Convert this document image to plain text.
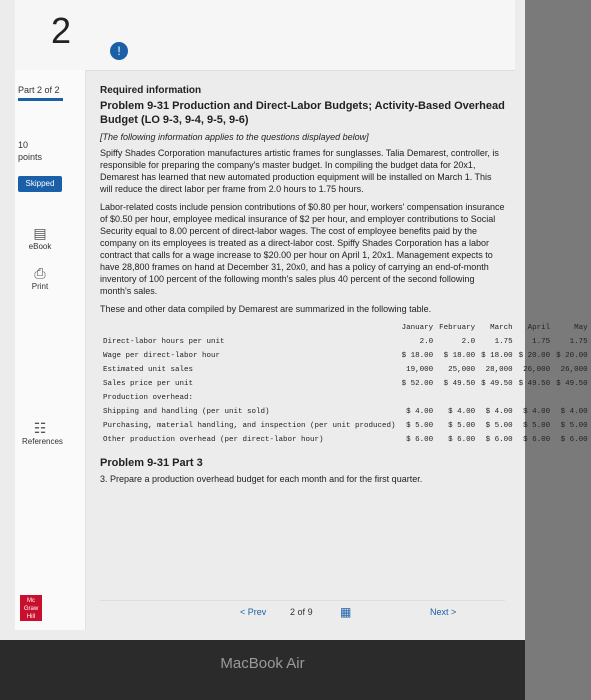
2	!
Part 2 of 2
10
points
Skipped
▤
eBook
⎙
Print
☷
References
Required information
Problem 9-31 Production and Direct-Labor Budgets; Activity-Based Overhead Budget (LO 9-3, 9-4, 9-5, 9-6)
[The following information applies to the questions displayed below]

Spiffy Shades Corporation manufactures artistic frames for sunglasses. Talia Demarest, controller, is responsible for preparing the company's master budget. In compiling the budget data for 20x1, Demarest has learned that new automated production equipment will be installed on March 1. This will reduce the direct labor per frame from 2.0 hours to 1.75 hours.

Labor-related costs include pension contributions of $0.80 per hour, workers' compensation insurance of $0.50 per hour, employee medical insurance of $2 per hour, and employer contributions to Social Security equal to 8.00 percent of direct-labor wages. The cost of employee benefits paid by the company on its employees is treated as a direct-labor cost. Spiffy Shades Corporation has a labor contract that calls for a wage increase to $20.00 per hour on April 1, 20x1. Management expects to have 28,800 frames on hand at December 31, 20x0, and has a policy of carrying an end-of-month inventory of 100 percent of the following month's sales plus 40 percent of the second following month's sales.

These and other data compiled by Demarest are summarized in the following table.

	January	February	March	April	May
Direct-labor hours per unit	2.0	2.0	1.75	1.75	1.75
Wage per direct-labor hour	$ 18.00	$ 18.00	$ 18.00	$ 20.00	$ 20.00
Estimated unit sales	19,000	25,000	28,000	26,000	26,000
Sales price per unit	$ 52.00	$ 49.50	$ 49.50	$ 49.50	$ 49.50
Production overhead:					
Shipping and handling (per unit sold)	$ 4.00	$ 4.00	$ 4.00	$ 4.00	$ 4.00
Purchasing, material handling, and inspection (per unit produced)	$ 5.00	$ 5.00	$ 5.00	$ 5.00	$ 5.00
Other production overhead (per direct-labor hour)	$ 6.00	$ 6.00	$ 6.00	$ 6.00	$ 6.00
Problem 9-31 Part 3
3. Prepare a production overhead budget for each month and for the first quarter.
< Prev	2 of 9 ▦	Next >
Mc
Graw
Hill
MacBook Air
